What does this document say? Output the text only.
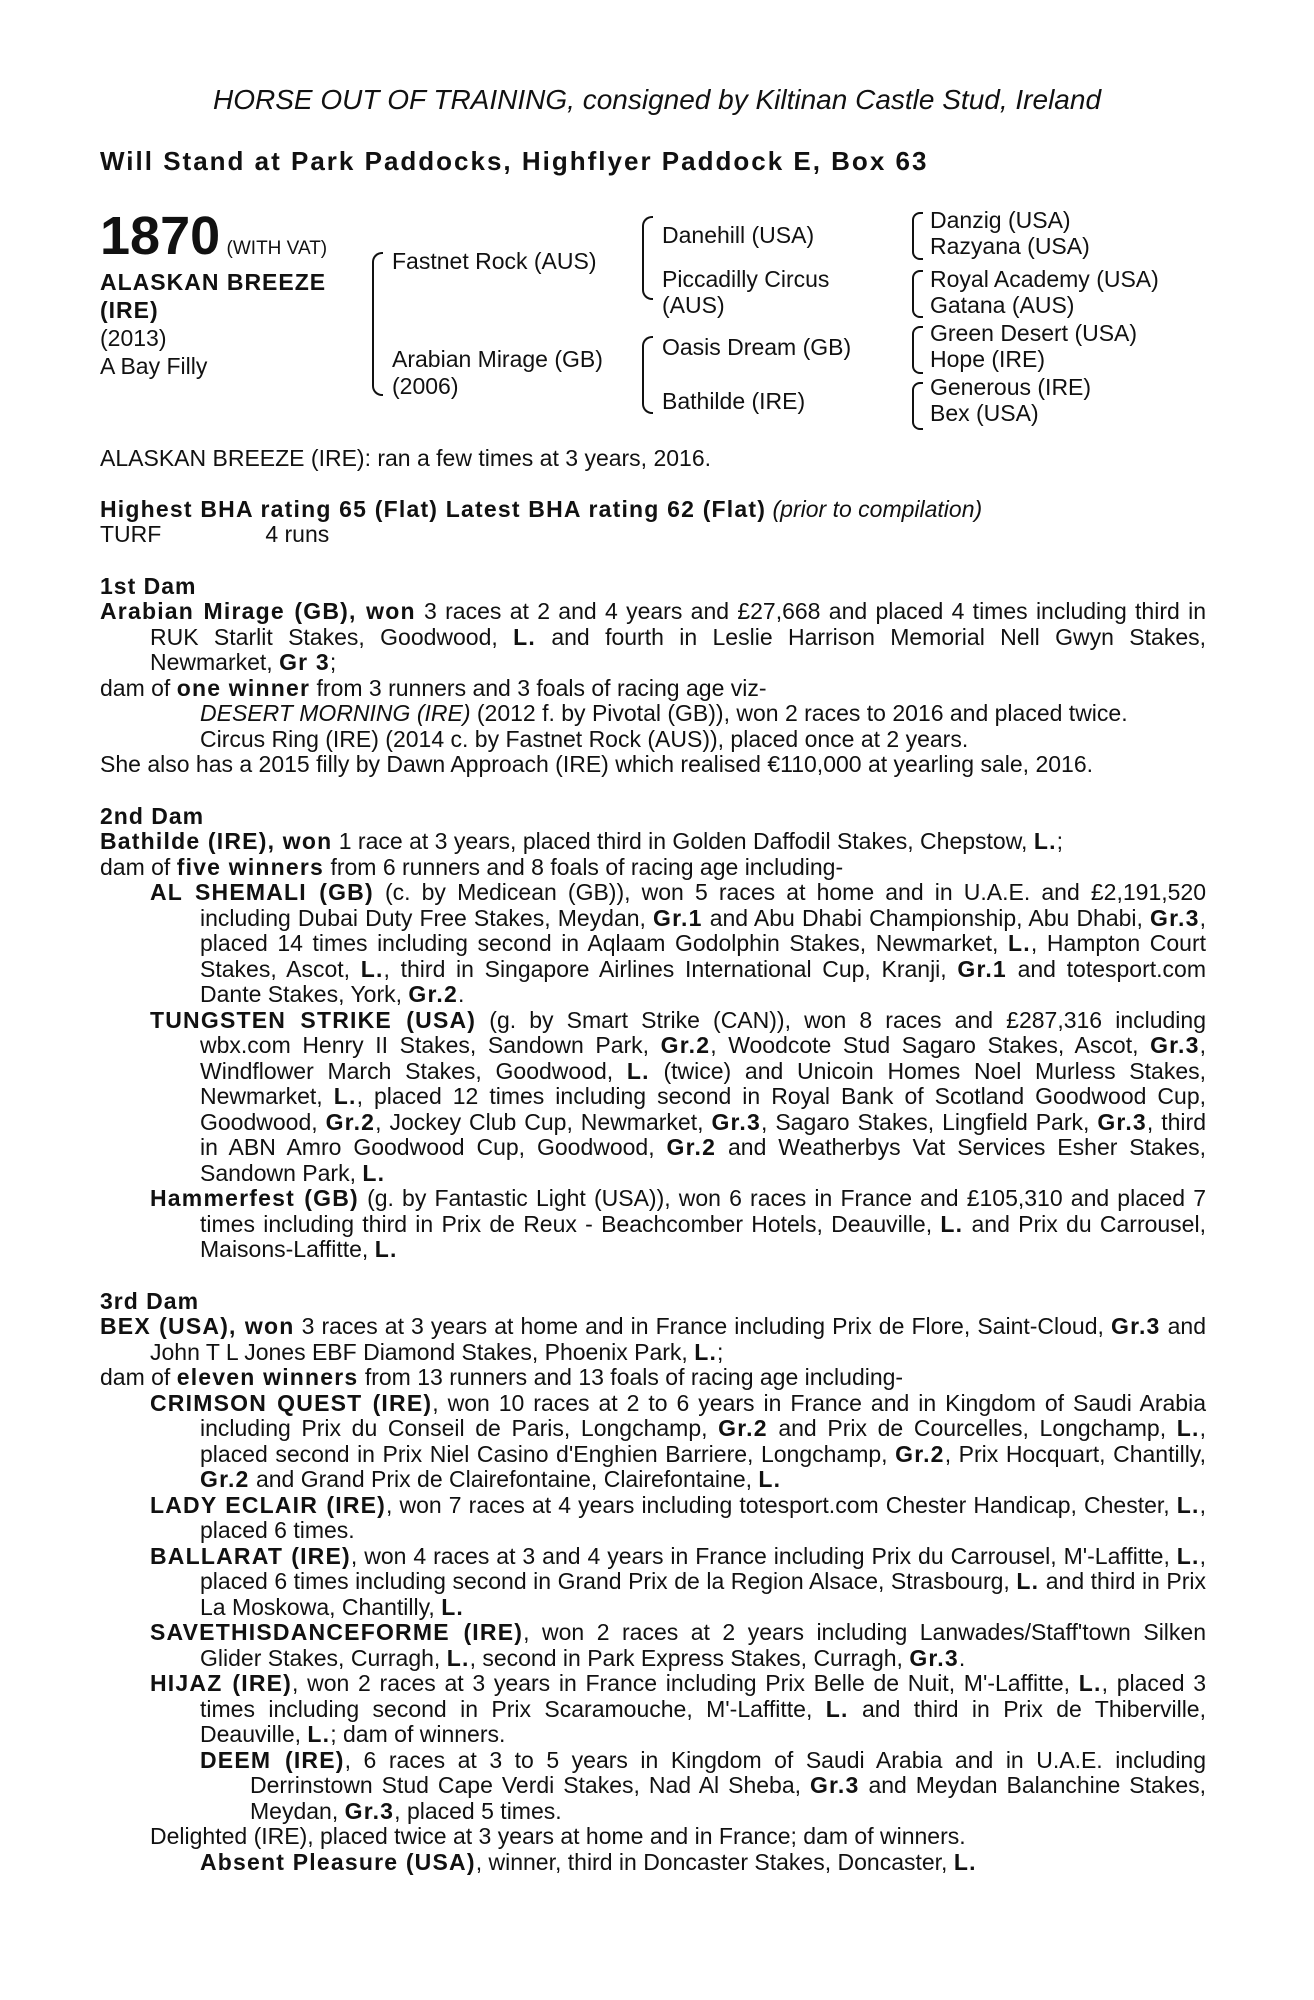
HORSE OUT OF TRAINING, consigned by Kiltinan Castle Stud, Ireland
Will Stand at Park Paddocks, Highflyer Paddock E, Box 63
1870 (WITH VAT)
ALASKAN BREEZE
(IRE)
(2013)
A Bay Filly
Fastnet Rock (AUS)
Arabian Mirage (GB)
(2006)
Danehill (USA)
Piccadilly Circus
(AUS)
Oasis Dream (GB)
Bathilde (IRE)
Danzig (USA)
Razyana (USA)
Royal Academy (USA)
Gatana (AUS)
Green Desert (USA)
Hope (IRE)
Generous (IRE)
Bex (USA)

ALASKAN BREEZE (IRE): ran a few times at 3 years, 2016.

Highest BHA rating 65 (Flat) Latest BHA rating 62 (Flat) (prior to compilation)

TURF	4 runs

1st Dam

Arabian Mirage (GB), won 3 races at 2 and 4 years and £27,668 and placed 4 times including third in RUK Starlit Stakes, Goodwood, L. and fourth in Leslie Harrison Memorial Nell Gwyn Stakes, Newmarket, Gr 3;

dam of one winner from 3 runners and 3 foals of racing age viz-

DESERT MORNING (IRE) (2012 f. by Pivotal (GB)), won 2 races to 2016 and placed twice.

Circus Ring (IRE) (2014 c. by Fastnet Rock (AUS)), placed once at 2 years.

She also has a 2015 filly by Dawn Approach (IRE) which realised €110,000 at yearling sale, 2016.

2nd Dam

Bathilde (IRE), won 1 race at 3 years, placed third in Golden Daffodil Stakes, Chepstow, L.;

dam of five winners from 6 runners and 8 foals of racing age including-

AL SHEMALI (GB) (c. by Medicean (GB)), won 5 races at home and in U.A.E. and £2,191,520 including Dubai Duty Free Stakes, Meydan, Gr.1 and Abu Dhabi Championship, Abu Dhabi, Gr.3, placed 14 times including second in Aqlaam Godolphin Stakes, Newmarket, L., Hampton Court Stakes, Ascot, L., third in Singapore Airlines International Cup, Kranji, Gr.1 and totesport.com Dante Stakes, York, Gr.2.

TUNGSTEN STRIKE (USA) (g. by Smart Strike (CAN)), won 8 races and £287,316 including wbx.com Henry II Stakes, Sandown Park, Gr.2, Woodcote Stud Sagaro Stakes, Ascot, Gr.3, Windflower March Stakes, Goodwood, L. (twice) and Unicoin Homes Noel Murless Stakes, Newmarket, L., placed 12 times including second in Royal Bank of Scotland Goodwood Cup, Goodwood, Gr.2, Jockey Club Cup, Newmarket, Gr.3, Sagaro Stakes, Lingfield Park, Gr.3, third in ABN Amro Goodwood Cup, Goodwood, Gr.2 and Weatherbys Vat Services Esher Stakes, Sandown Park, L.

Hammerfest (GB) (g. by Fantastic Light (USA)), won 6 races in France and £105,310 and placed 7 times including third in Prix de Reux - Beachcomber Hotels, Deauville, L. and Prix du Carrousel, Maisons-Laffitte, L.

3rd Dam

BEX (USA), won 3 races at 3 years at home and in France including Prix de Flore, Saint-Cloud, Gr.3 and John T L Jones EBF Diamond Stakes, Phoenix Park, L.;

dam of eleven winners from 13 runners and 13 foals of racing age including-

CRIMSON QUEST (IRE), won 10 races at 2 to 6 years in France and in Kingdom of Saudi Arabia including Prix du Conseil de Paris, Longchamp, Gr.2 and Prix de Courcelles, Longchamp, L., placed second in Prix Niel Casino d'Enghien Barriere, Longchamp, Gr.2, Prix Hocquart, Chantilly, Gr.2 and Grand Prix de Clairefontaine, Clairefontaine, L.

LADY ECLAIR (IRE), won 7 races at 4 years including totesport.com Chester Handicap, Chester, L., placed 6 times.

BALLARAT (IRE), won 4 races at 3 and 4 years in France including Prix du Carrousel, M'-Laffitte, L., placed 6 times including second in Grand Prix de la Region Alsace, Strasbourg, L. and third in Prix La Moskowa, Chantilly, L.

SAVETHISDANCEFORME (IRE), won 2 races at 2 years including Lanwades/Staff'town Silken Glider Stakes, Curragh, L., second in Park Express Stakes, Curragh, Gr.3.

HIJAZ (IRE), won 2 races at 3 years in France including Prix Belle de Nuit, M'-Laffitte, L., placed 3 times including second in Prix Scaramouche, M'-Laffitte, L. and third in Prix de Thiberville, Deauville, L.; dam of winners.

DEEM (IRE), 6 races at 3 to 5 years in Kingdom of Saudi Arabia and in U.A.E. including Derrinstown Stud Cape Verdi Stakes, Nad Al Sheba, Gr.3 and Meydan Balanchine Stakes, Meydan, Gr.3, placed 5 times.

Delighted (IRE), placed twice at 3 years at home and in France; dam of winners.

Absent Pleasure (USA), winner, third in Doncaster Stakes, Doncaster, L.
